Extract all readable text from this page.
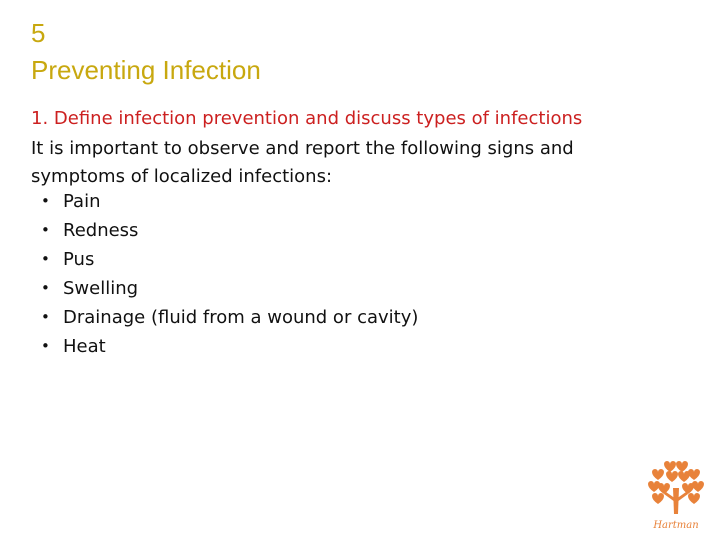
5
Preventing Infection
1. Define infection prevention and discuss types of infections
It is important to observe and report the following signs and symptoms of localized infections:
• Pain
• Redness
• Pus
• Swelling
• Drainage (fluid from a wound or cavity)
• Heat
Hartman
